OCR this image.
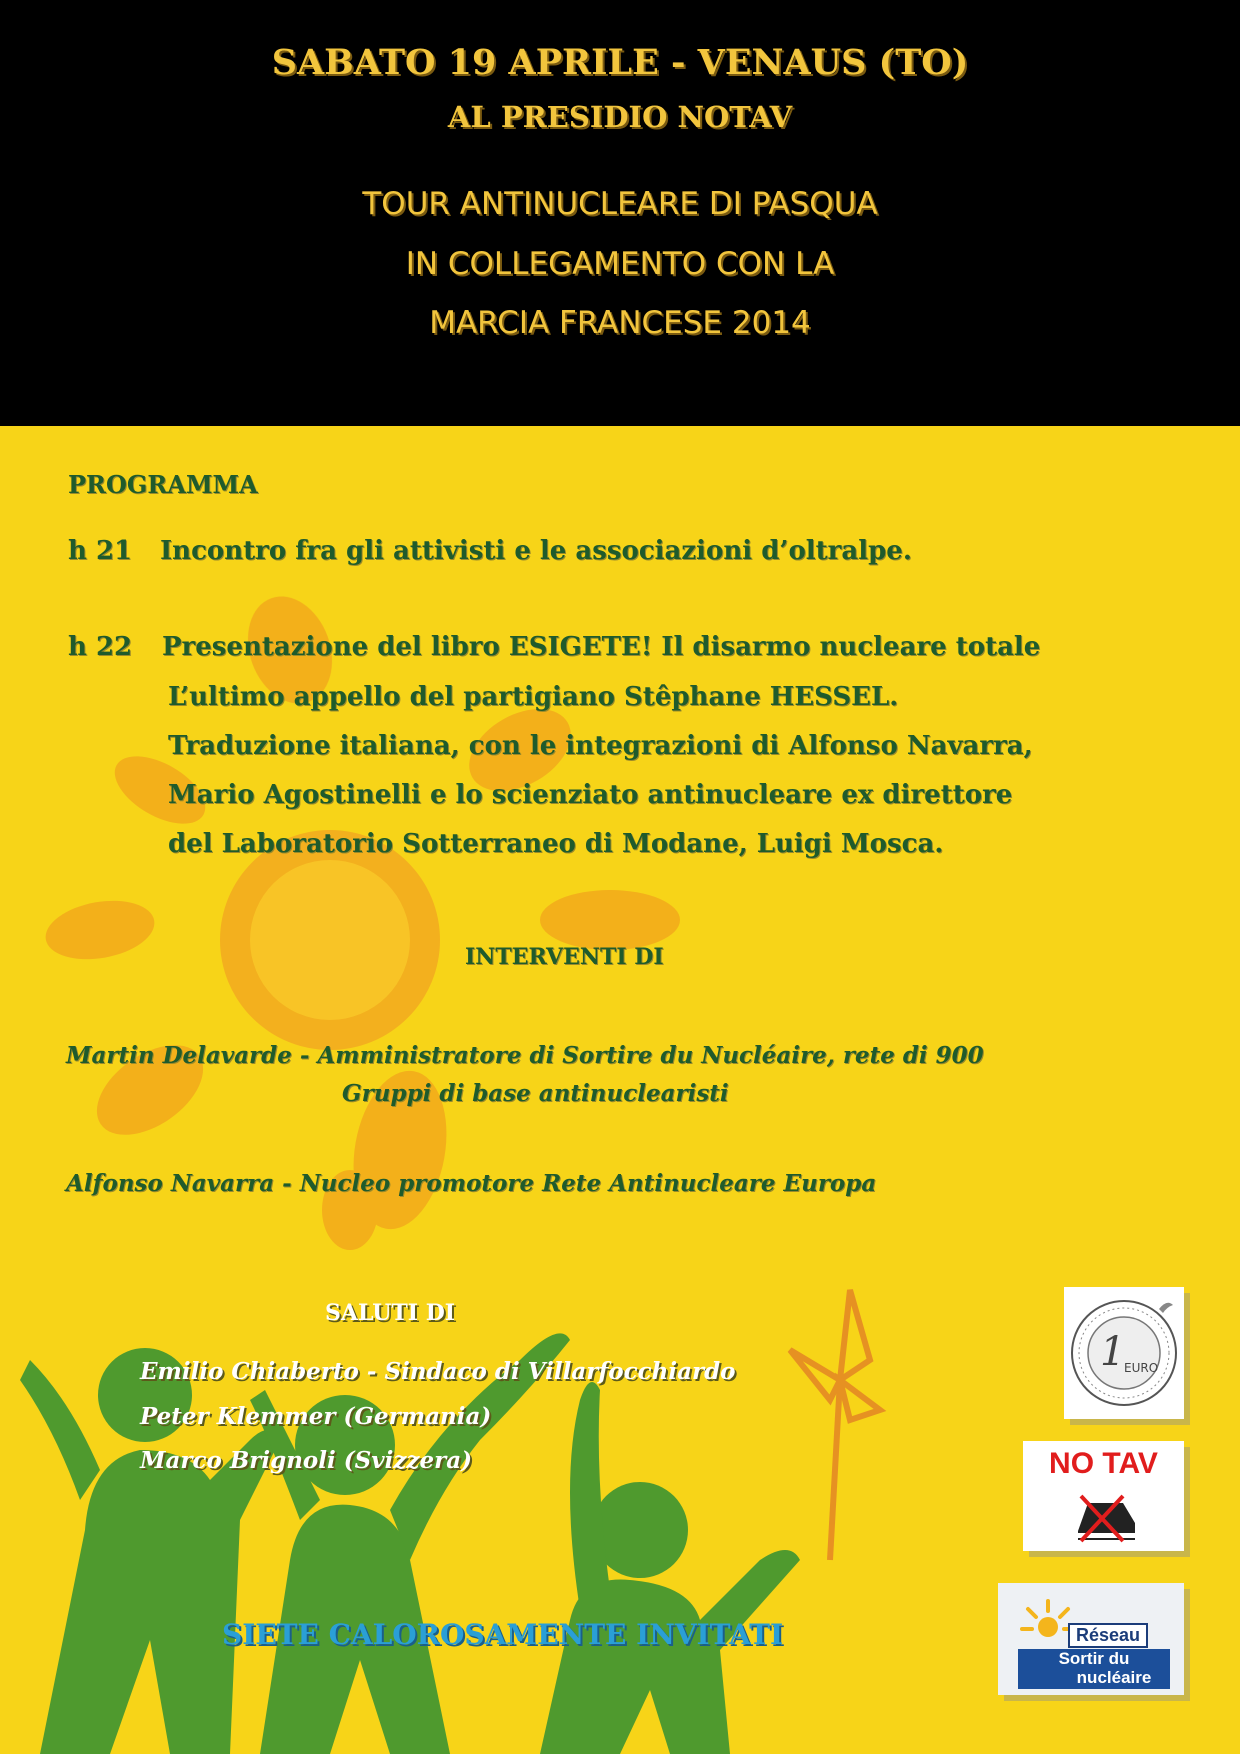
SABATO 19 APRILE - VENAUS (TO)
AL PRESIDIO NOTAV
TOUR ANTINUCLEARE DI PASQUA
IN COLLEGAMENTO CON LA
MARCIA FRANCESE 2014
PROGRAMMA
h 21 Incontro fra gli attivisti e le associazioni d’oltralpe.
h 22 Presentazione del libro ESIGETE! Il disarmo nucleare totale
L’ultimo appello del partigiano Stêphane HESSEL.
Traduzione italiana, con le integrazioni di Alfonso Navarra,
Mario Agostinelli e lo scienziato antinucleare ex direttore
del Laboratorio Sotterraneo di Modane, Luigi Mosca.
INTERVENTI DI
Martin Delavarde - Amministratore di Sortire du Nucléaire, rete di 900
Gruppi di base antinuclearisti
Alfonso Navarra - Nucleo promotore Rete Antinucleare Europa
SALUTI DI
Emilio Chiaberto - Sindaco di Villarfocchiardo
Peter Klemmer (Germania)
Marco Brignoli (Svizzera)
SIETE CALOROSAMENTE INVITATI
1
EURO
NO TAV
Réseau
Sortir du
nucléaire
